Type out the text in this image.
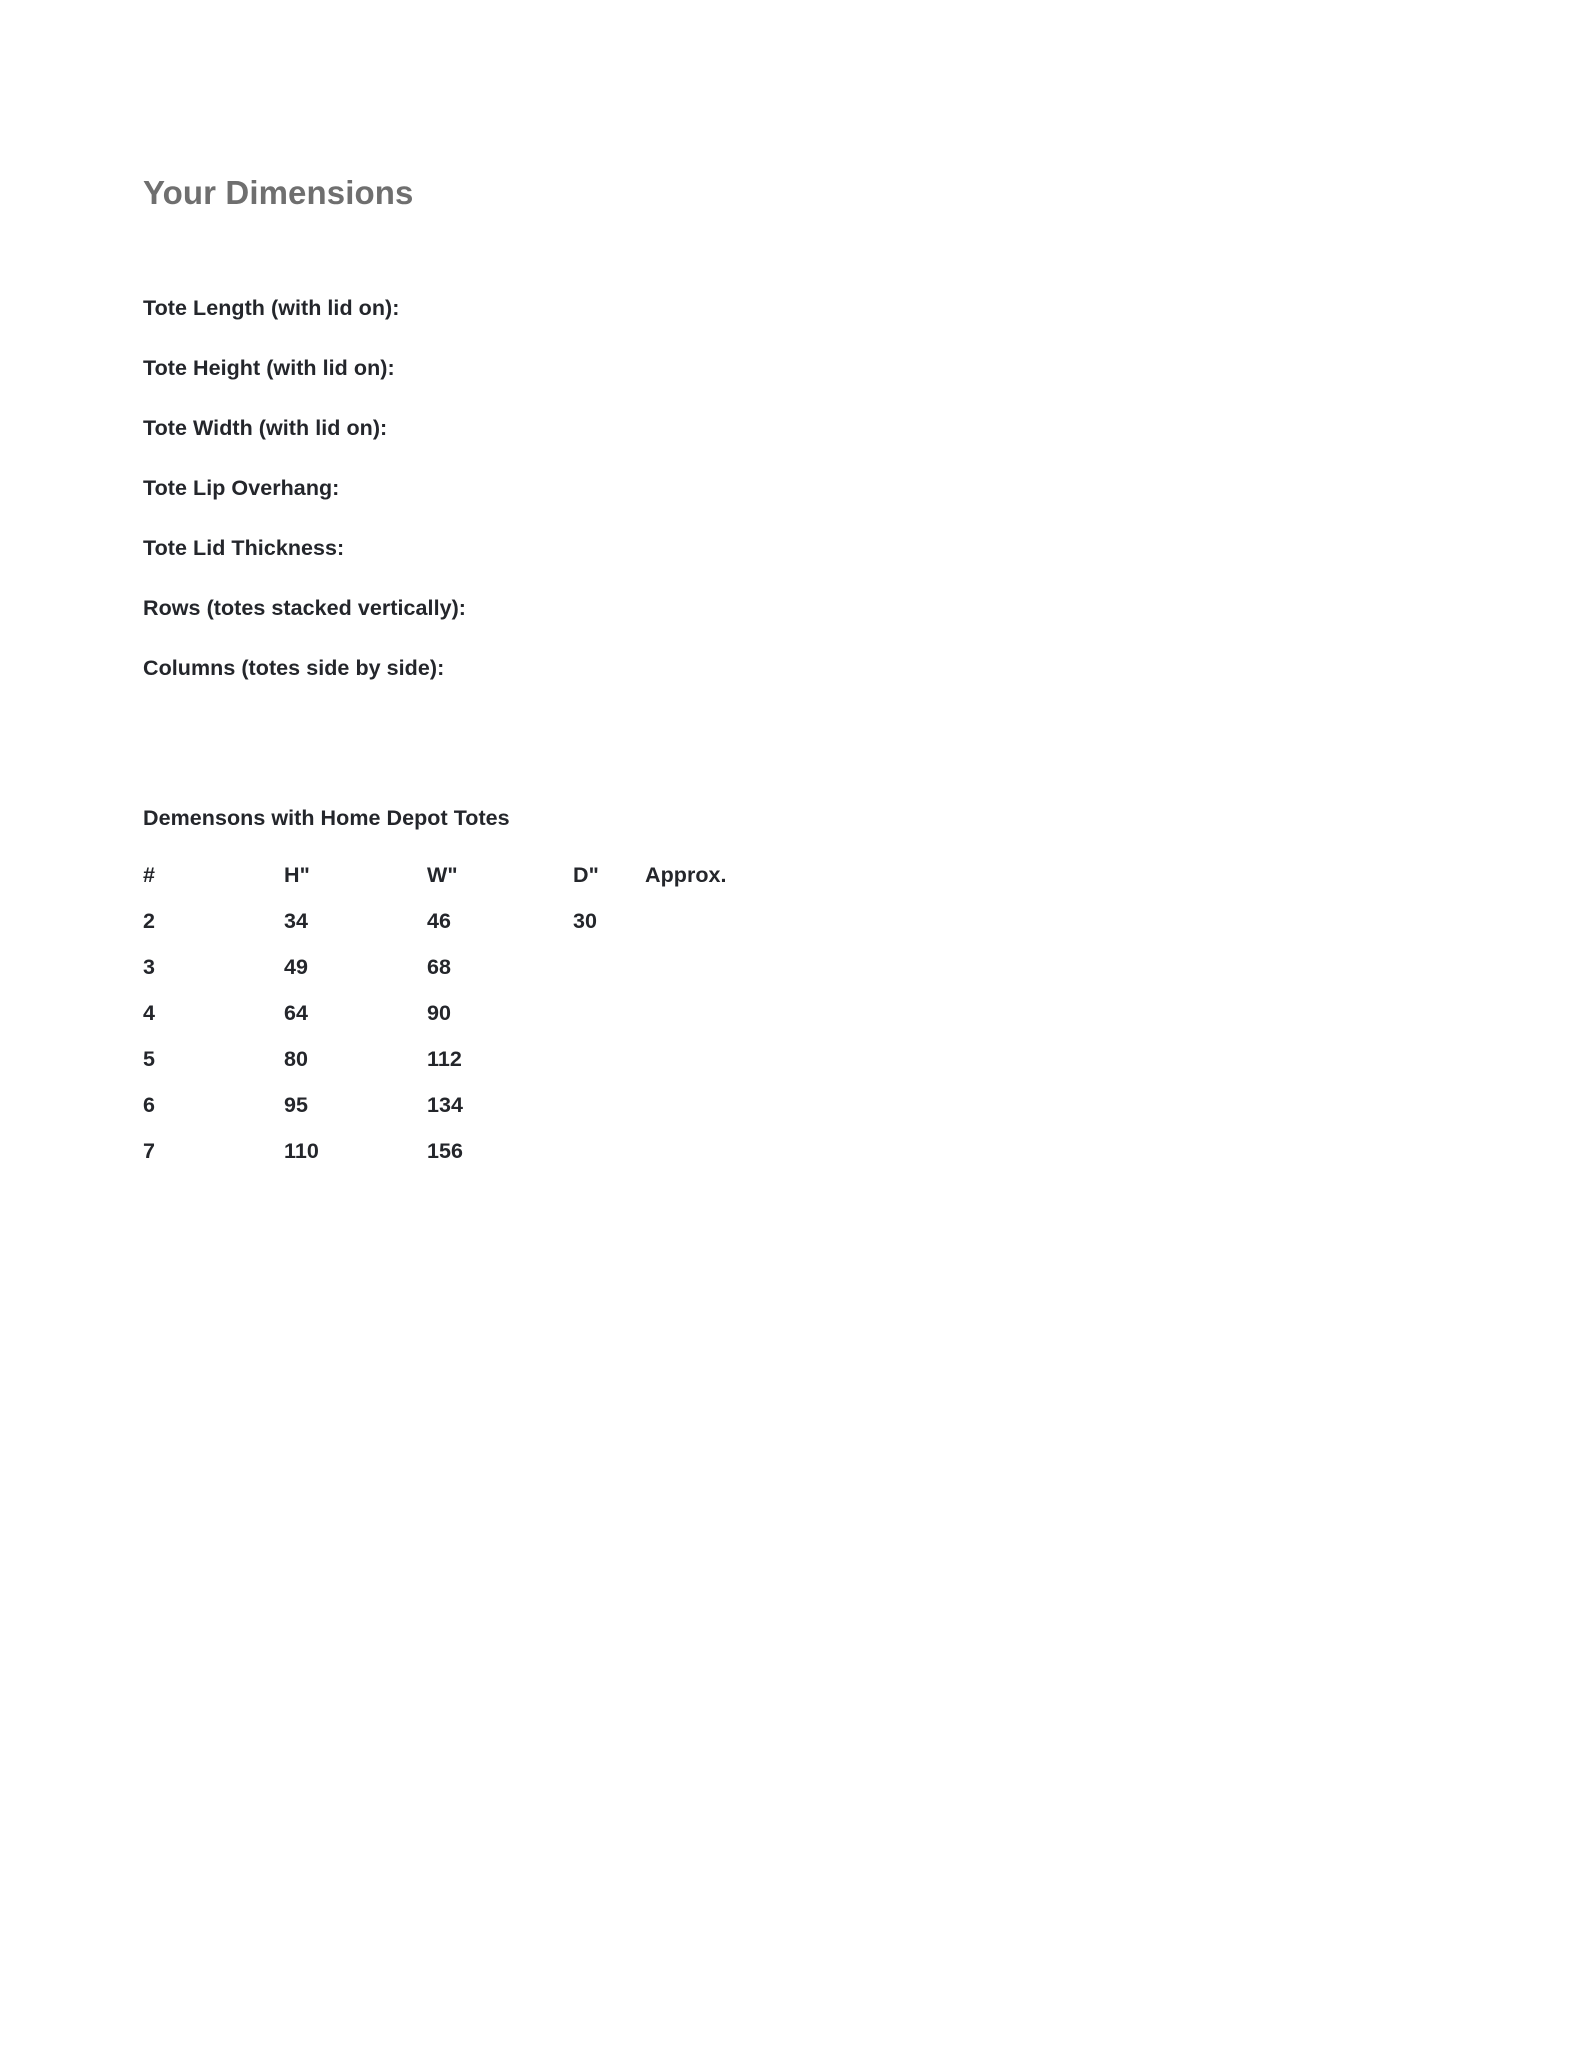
Your Dimensions
Tote Length (with lid on):
Tote Height (with lid on):
Tote Width (with lid on):
Tote Lip Overhang:
Tote Lid Thickness:
Rows (totes stacked vertically):
Columns (totes side by side):
Demensons with Home Depot Totes
#	H"	W"	D"	Approx.
2	34	46	30	
3	49	68		
4	64	90		
5	80	112		
6	95	134		
7	110	156		
